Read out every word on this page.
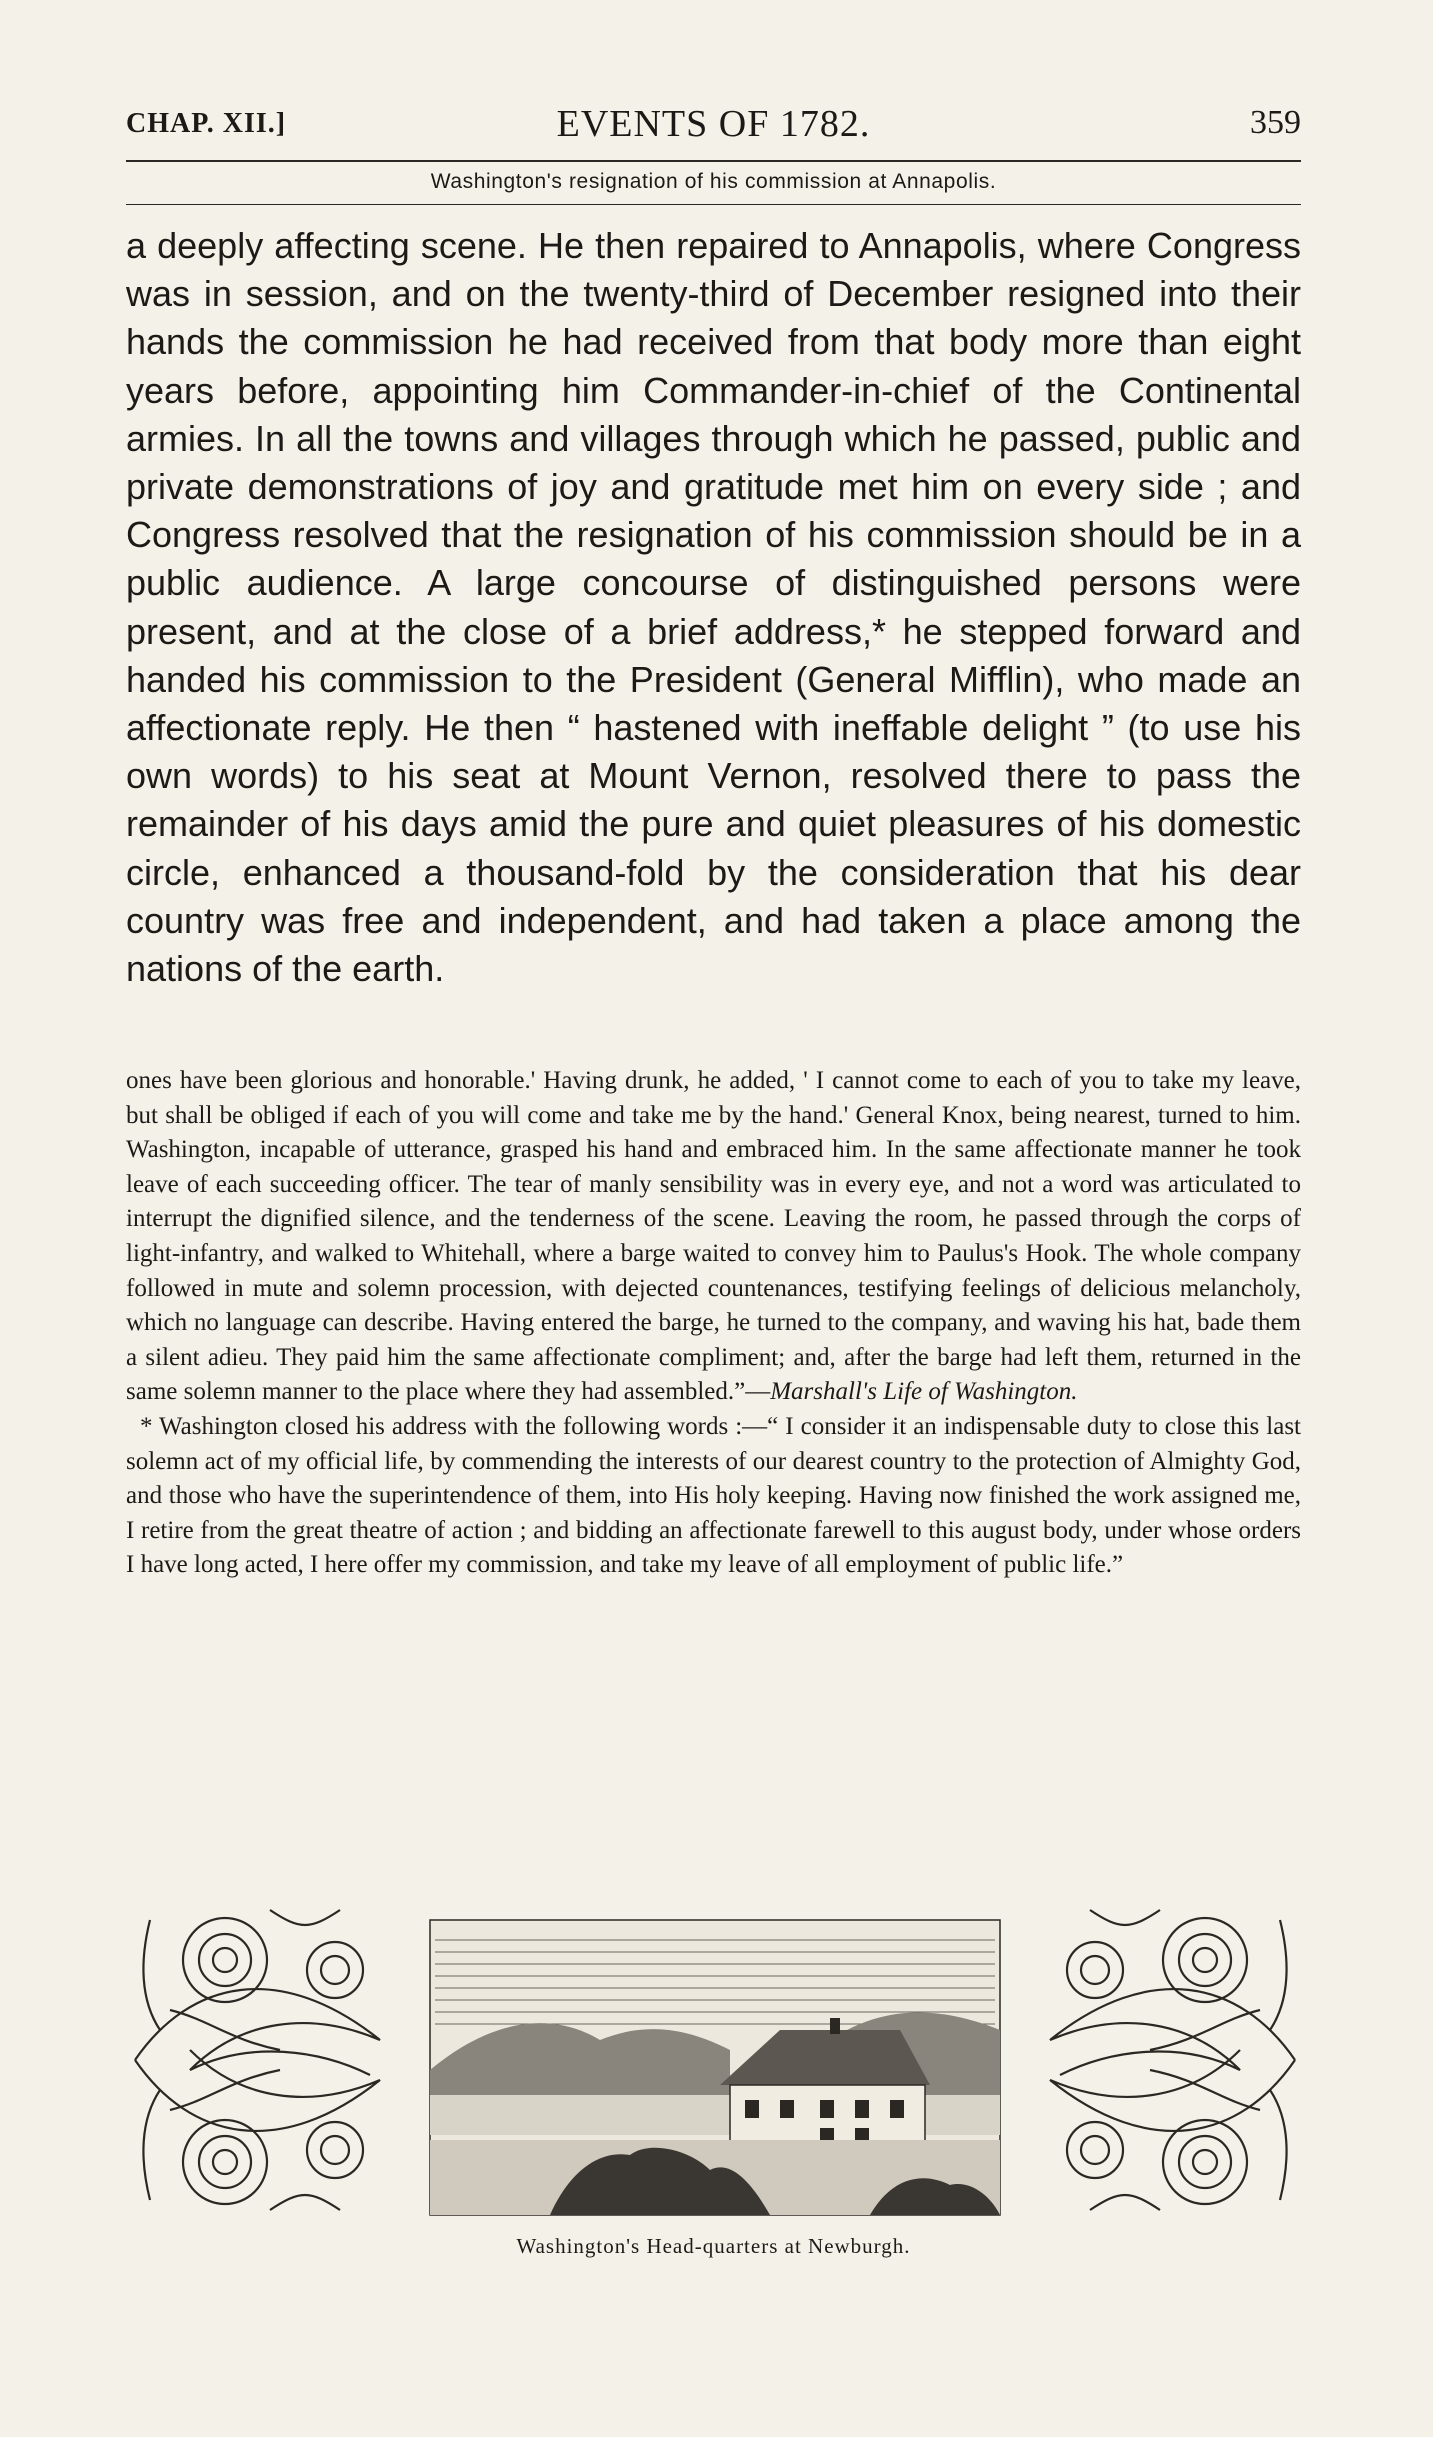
CHAP. XII.]	EVENTS OF 1782.	359
Washington's resignation of his commission at Annapolis.

a deeply affecting scene. He then repaired to Annapolis, where Congress was in session, and on the twenty-third of December resigned into their hands the commission he had received from that body more than eight years before, appointing him Commander-in-chief of the Continental armies. In all the towns and villages through which he passed, public and private demonstrations of joy and gratitude met him on every side ; and Congress resolved that the resignation of his commission should be in a public audience. A large concourse of distinguished persons were present, and at the close of a brief address,* he stepped forward and handed his commission to the President (General Mifflin), who made an affectionate reply. He then “ hastened with ineffable delight ” (to use his own words) to his seat at Mount Vernon, resolved there to pass the remainder of his days amid the pure and quiet pleasures of his domestic circle, enhanced a thousand-fold by the consideration that his dear country was free and independent, and had taken a place among the nations of the earth.

ones have been glorious and honorable.' Having drunk, he added, ' I cannot come to each of you to take my leave, but shall be obliged if each of you will come and take me by the hand.' General Knox, being nearest, turned to him. Washington, incapable of utterance, grasped his hand and embraced him. In the same affectionate manner he took leave of each succeeding officer. The tear of manly sensibility was in every eye, and not a word was articulated to interrupt the dignified silence, and the tenderness of the scene. Leaving the room, he passed through the corps of light-infantry, and walked to Whitehall, where a barge waited to convey him to Paulus's Hook. The whole company followed in mute and solemn procession, with dejected countenances, testifying feelings of delicious melancholy, which no language can describe. Having entered the barge, he turned to the company, and waving his hat, bade them a silent adieu. They paid him the same affectionate compliment; and, after the barge had left them, returned in the same solemn manner to the place where they had assembled.”—Marshall's Life of Washington.

* Washington closed his address with the following words :—“ I consider it an indispensable duty to close this last solemn act of my official life, by commending the interests of our dearest country to the protection of Almighty God, and those who have the superintendence of them, into His holy keeping. Having now finished the work assigned me, I retire from the great theatre of action ; and bidding an affectionate farewell to this august body, under whose orders I have long acted, I here offer my commission, and take my leave of all employment of public life.”

Washington's Head-quarters at Newburgh.
